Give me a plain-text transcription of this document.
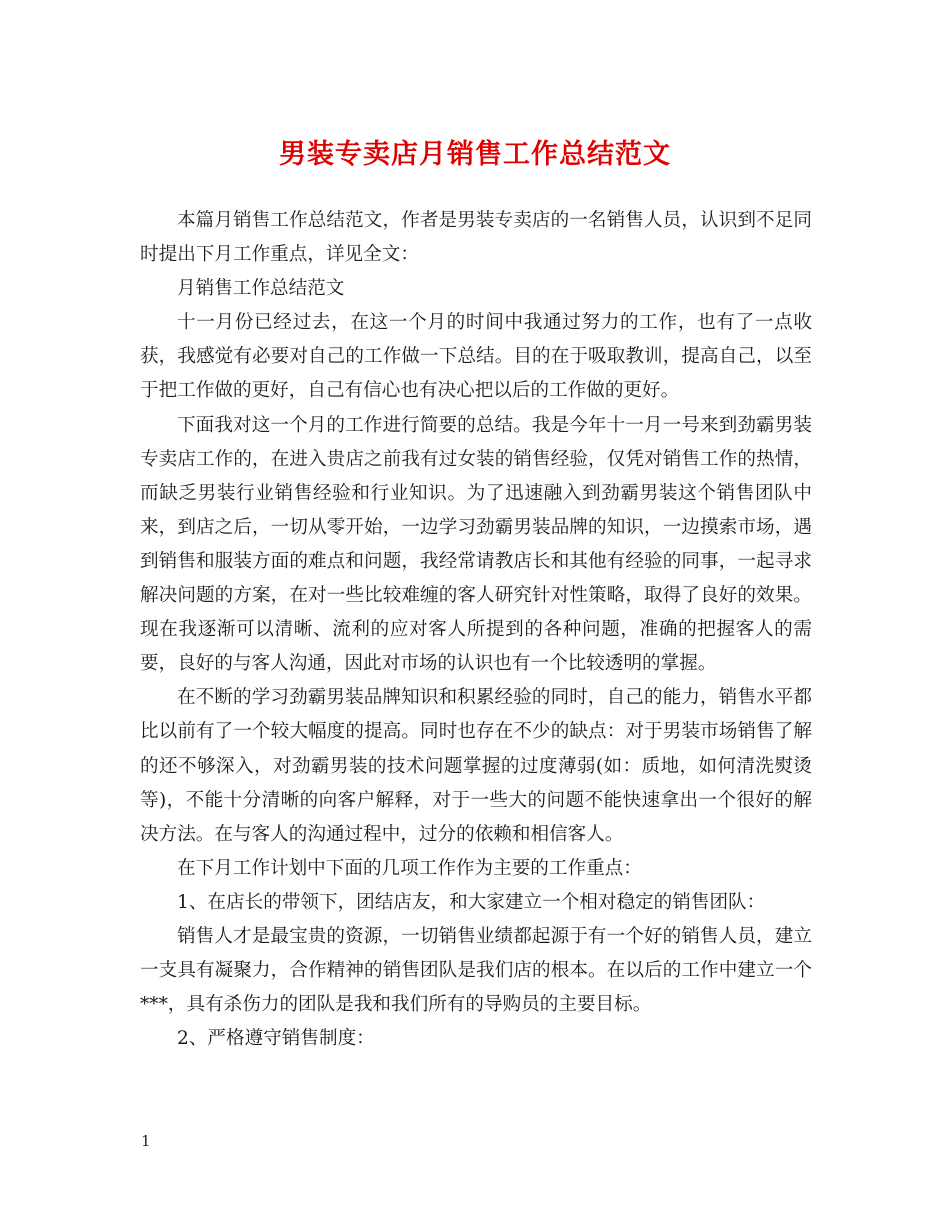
男装专卖店月销售工作总结范文

本篇月销售工作总结范文，作者是男装专卖店的一名销售人员，认识到不足同时提出下月工作重点，详见全文：

月销售工作总结范文

十一月份已经过去，在这一个月的时间中我通过努力的工作，也有了一点收获，我感觉有必要对自己的工作做一下总结。目的在于吸取教训，提高自己，以至于把工作做的更好，自己有信心也有决心把以后的工作做的更好。

下面我对这一个月的工作进行简要的总结。我是今年十一月一号来到劲霸男装专卖店工作的，在进入贵店之前我有过女装的销售经验，仅凭对销售工作的热情，而缺乏男装行业销售经验和行业知识。为了迅速融入到劲霸男装这个销售团队中来，到店之后，一切从零开始，一边学习劲霸男装品牌的知识，一边摸索市场，遇到销售和服装方面的难点和问题，我经常请教店长和其他有经验的同事，一起寻求解决问题的方案，在对一些比较难缠的客人研究针对性策略，取得了良好的效果。现在我逐渐可以清晰、流利的应对客人所提到的各种问题，准确的把握客人的需要，良好的与客人沟通，因此对市场的认识也有一个比较透明的掌握。

在不断的学习劲霸男装品牌知识和积累经验的同时，自己的能力，销售水平都比以前有了一个较大幅度的提高。同时也存在不少的缺点：对于男装市场销售了解的还不够深入，对劲霸男装的技术问题掌握的过度薄弱(如：质地，如何清洗熨烫等)，不能十分清晰的向客户解释，对于一些大的问题不能快速拿出一个很好的解决方法。在与客人的沟通过程中，过分的依赖和相信客人。

在下月工作计划中下面的几项工作作为主要的工作重点：

1、在店长的带领下，团结店友，和大家建立一个相对稳定的销售团队：

销售人才是最宝贵的资源，一切销售业绩都起源于有一个好的销售人员，建立一支具有凝聚力，合作精神的销售团队是我们店的根本。在以后的工作中建立一个***，具有杀伤力的团队是我和我们所有的导购员的主要目标。

2、严格遵守销售制度：

1
